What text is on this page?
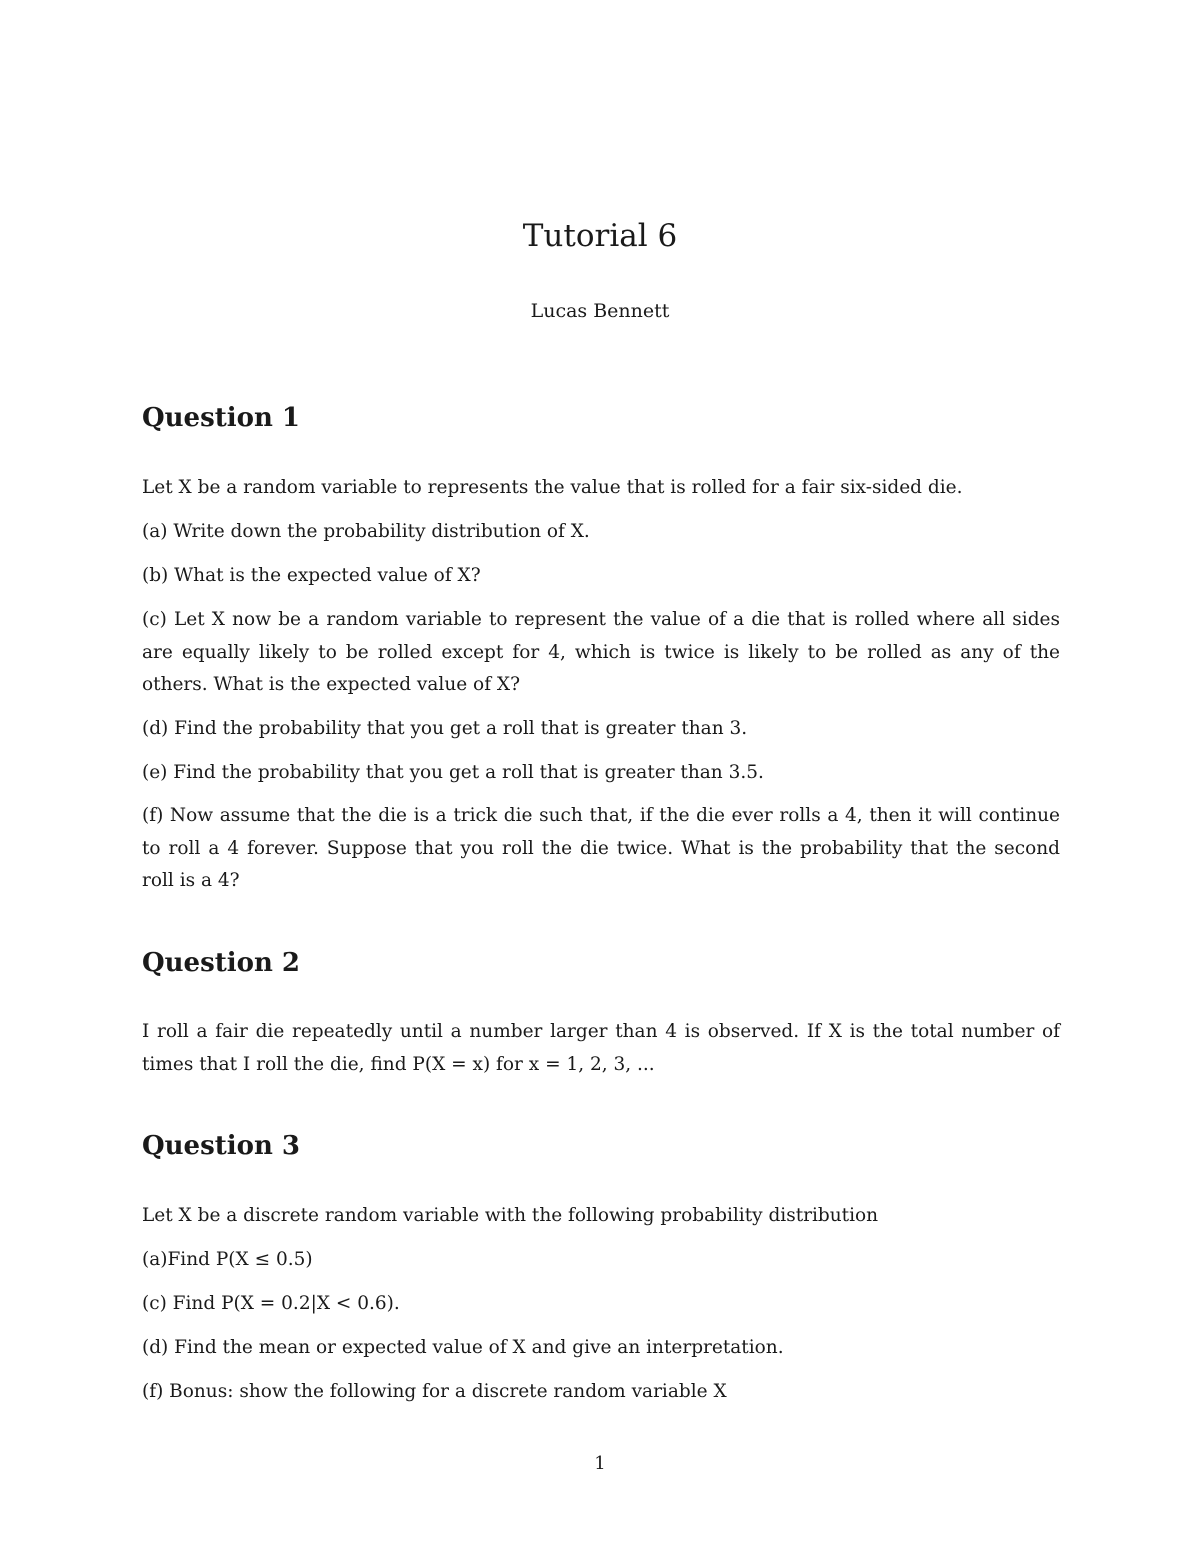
Tutorial 6
Lucas Bennett
Question 1

Let X be a random variable to represents the value that is rolled for a fair six-sided die.

(a) Write down the probability distribution of X.

(b) What is the expected value of X?

(c) Let X now be a random variable to represent the value of a die that is rolled where all sides are equally likely to be rolled except for 4, which is twice is likely to be rolled as any of the others. What is the expected value of X?

(d) Find the probability that you get a roll that is greater than 3.

(e) Find the probability that you get a roll that is greater than 3.5.

(f) Now assume that the die is a trick die such that, if the die ever rolls a 4, then it will continue to roll a 4 forever. Suppose that you roll the die twice. What is the probability that the second roll is a 4?

Question 2

I roll a fair die repeatedly until a number larger than 4 is observed. If X is the total number of times that I roll the die, find P(X = x) for x = 1, 2, 3, ...

Question 3

Let X be a discrete random variable with the following probability distribution

(a)Find P(X ≤ 0.5)

(c) Find P(X = 0.2|X < 0.6).

(d) Find the mean or expected value of X and give an interpretation.

(f) Bonus: show the following for a discrete random variable X

1
